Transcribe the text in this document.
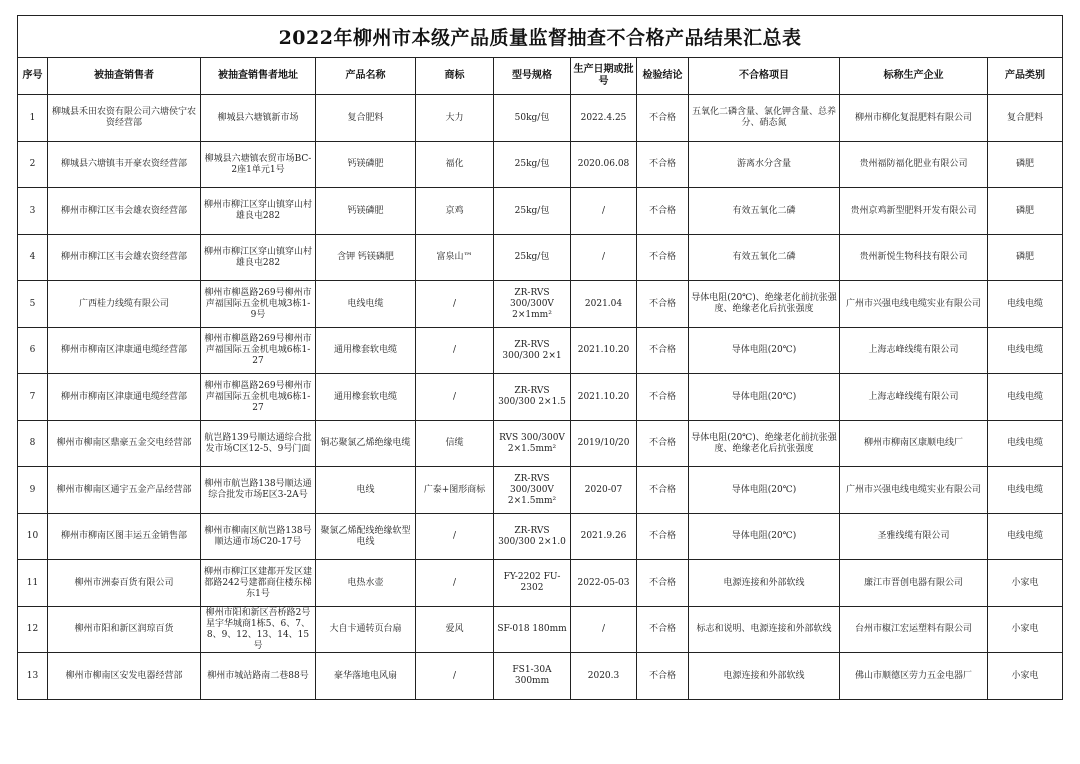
2022年柳州市本级产品质量监督抽查不合格产品结果汇总表										
序号	被抽查销售者	被抽查销售者地址	产品名称	商标	型号规格	生产日期或批号	检验结论	不合格项目	标称生产企业	产品类别
1	柳城县禾田农资有限公司六塘侯宁农资经营部	柳城县六塘镇新市场	复合肥料	大力	50kg/包	2022.4.25	不合格	五氧化二磷含量、氯化钾含量、总养分、硝态氮	柳州市柳化复混肥料有限公司	复合肥料
2	柳城县六塘镇韦开豪农资经营部	柳城县六塘镇农贸市场BC-2座1单元1号	钙镁磷肥	福化	25kg/包	2020.06.08	不合格	游离水分含量	贵州福防福化肥业有限公司	磷肥
3	柳州市柳江区韦会雄农资经营部	柳州市柳江区穿山镇穿山村雄良屯282	钙镁磷肥	京鸡	25kg/包	/	不合格	有效五氧化二磷	贵州京鸡新型肥料开发有限公司	磷肥
4	柳州市柳江区韦会雄农资经营部	柳州市柳江区穿山镇穿山村雄良屯282	含钾 钙镁磷肥	富泉山™	25kg/包	/	不合格	有效五氧化二磷	贵州新悦生物科技有限公司	磷肥
5	广西桂力线缆有限公司	柳州市柳邕路269号柳州市声福国际五金机电城3栋1-9号	电线电缆	/	ZR-RVS 300/300V 2×1mm²	2021.04	不合格	导体电阻(20℃)、绝缘老化前抗张强度、绝缘老化后抗张强度	广州市兴强电线电缆实业有限公司	电线电缆
6	柳州市柳南区津康通电缆经营部	柳州市柳邕路269号柳州市声福国际五金机电城6栋1-27	通用橡套软电缆	/	ZR-RVS 300/300 2×1	2021.10.20	不合格	导体电阻(20℃)	上海志峰线缆有限公司	电线电缆
7	柳州市柳南区津康通电缆经营部	柳州市柳邕路269号柳州市声福国际五金机电城6栋1-27	通用橡套软电缆	/	ZR-RVS 300/300 2×1.5	2021.10.20	不合格	导体电阻(20℃)	上海志峰线缆有限公司	电线电缆
8	柳州市柳南区鼎豪五金交电经营部	航岂路139号顺达通综合批发市场C区12-5、9号门面	铜芯聚氯乙烯绝缘电缆	信缆	RVS 300/300V 2×1.5mm²	2019/10/20	不合格	导体电阻(20℃)、绝缘老化前抗张强度、绝缘老化后抗张强度	柳州市柳南区康顺电线厂	电线电缆
9	柳州市柳南区通宇五金产品经营部	柳州市航岂路138号顺达通综合批发市场E区3-2A号	电线	广泰+图形商标	ZR-RVS 300/300V 2×1.5mm²	2020-07	不合格	导体电阻(20℃)	广州市兴强电线电缆实业有限公司	电线电缆
10	柳州市柳南区图丰运五金销售部	柳州市柳南区航岂路138号顺达通市场C20-17号	聚氯乙烯配线绝缘软型电线	/	ZR-RVS 300/300 2×1.0	2021.9.26	不合格	导体电阻(20℃)	圣雅线缆有限公司	电线电缆
11	柳州市洲泰百货有限公司	柳州市柳江区建都开发区建都路242号建都商住楼东梯东1号	电热水壶	/	FY-2202 FU-2302	2022-05-03	不合格	电源连接和外部软线	廉江市晋创电器有限公司	小家电
12	柳州市阳和新区润琼百货	柳州市阳和新区吾桥路2号星宇华城商1栋5、6、7、8、9、12、13、14、15号	大自卡通转页台扇	爱风	SF-018 180mm	/	不合格	标志和说明、电源连接和外部软线	台州市椒江宏运塑料有限公司	小家电
13	柳州市柳南区安发电器经营部	柳州市城站路南二巷88号	豪华落地电风扇	/	FS1-30A 300mm	2020.3	不合格	电源连接和外部软线	佛山市顺德区劳力五金电器厂	小家电
